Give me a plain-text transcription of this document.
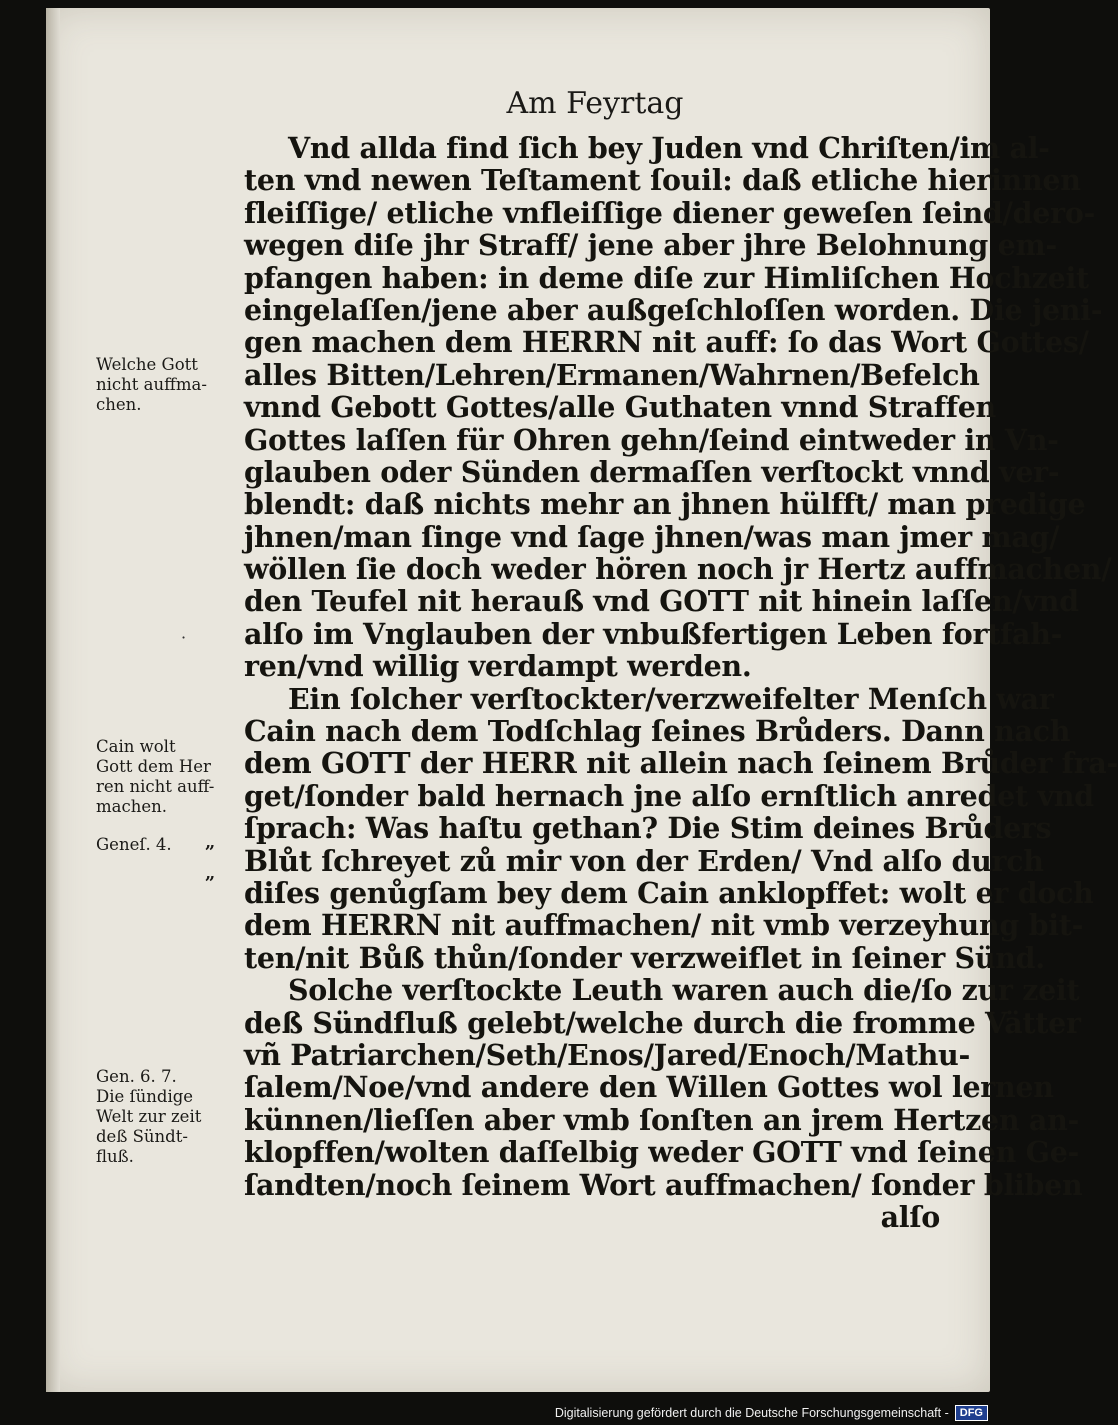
Am Feyrtag
Vnd allda find ſich bey Juden vnd Chriſten/im al-
ten vnd newen Teſtament ſouil: daß etliche hierinnen
fleiſſige/ etliche vnfleiſſige diener geweſen ſeind/dero-
wegen diſe jhr Straff/ jene aber jhre Belohnung em-
pfangen haben: in deme diſe zur Himliſchen Hochzeit
eingelaſſen/jene aber außgeſchloſſen worden. Die jeni-
gen machen dem HERRN nit auff: ſo das Wort Gottes/
alles Bitten/Lehren/Ermanen/Wahrnen/Befelch
vnnd Gebott Gottes/alle Guthaten vnnd Straffen
Gottes laſſen für Ohren gehn/ſeind eintweder in Vn-
glauben oder Sünden dermaſſen verſtockt vnnd ver-
blendt: daß nichts mehr an jhnen hülfft/ man predige
jhnen/man ſinge vnd ſage jhnen/was man jmer mag/
wöllen ſie doch weder hören noch jr Hertz auffmachen/
den Teufel nit herauß vnd GOTT nit hinein laſſen/vnd
alſo im Vnglauben der vnbußfertigen Leben fortfah-
ren/vnd willig verdampt werden.
Ein ſolcher verſtockter/verzweifelter Menſch war
Cain nach dem Todſchlag ſeines Brůders. Dann nach
dem GOTT der HERR nit allein nach ſeinem Brůder fra-
get/ſonder bald hernach jne alſo ernſtlich anredet vnd
ſprach: Was haſtu gethan? Die Stim deines Brůders
Blůt ſchreyet zů mir von der Erden/ Vnd alſo durch
diſes genůgſam bey dem Cain anklopffet: wolt er doch
dem HERRN nit auffmachen/ nit vmb verzeyhung bit-
ten/nit Bůß thůn/ſonder verzweiflet in ſeiner Sünd.
Solche verſtockte Leuth waren auch die/ſo zur zeit
deß Sündfluß gelebt/welche durch die fromme Vätter
vñ Patriarchen/Seth/Enos/Jared/Enoch/Mathu-
ſalem/Noe/vnd andere den Willen Gottes wol lernen
künnen/lieſſen aber vmb ſonſten an jrem Hertzen an-
klopffen/wolten daſſelbig weder GOTT vnd ſeinen Ge-
ſandten/noch ſeinem Wort auffmachen/ ſonder bliben
alſo
Welche Gott
nicht auffma-
chen.
Cain wolt
Gott dem Her
ren nicht auff-
machen.
Geneſ. 4.
Gen. 6. 7.
Die ſündige
Welt zur zeit
deß Sündt-
fluß.
„
„
·
Digitalisierung gefördert durch die Deutsche Forschungsgemeinschaft -	DFG
